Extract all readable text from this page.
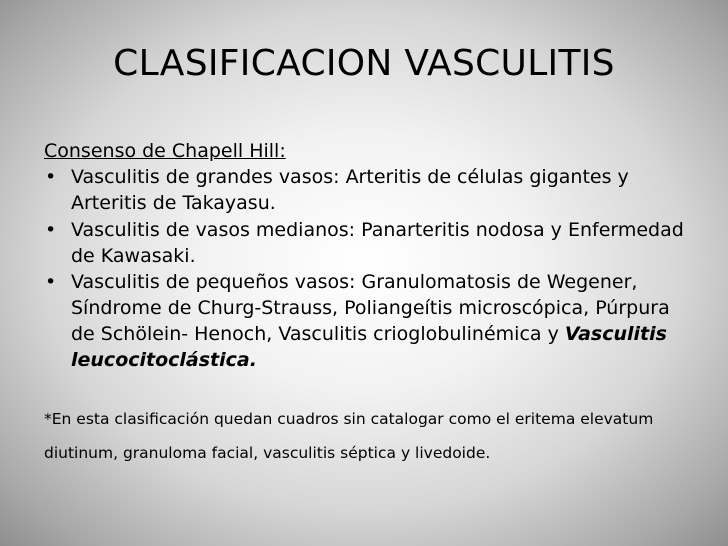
CLASIFICACION VASCULITIS

Consenso de Chapell Hill:

• Vasculitis de grandes vasos: Arteritis de células gigantes y Arteritis de Takayasu.
• Vasculitis de vasos medianos: Panarteritis nodosa y Enfermedad de Kawasaki.
• Vasculitis de pequeños vasos: Granulomatosis de Wegener, Síndrome de Churg-Strauss, Poliangeítis microscópica, Púrpura de Schölein- Henoch, Vasculitis crioglobulinémica y Vasculitis leucocitoclástica.

*En esta clasificación quedan cuadros sin catalogar como el eritema elevatum diutinum, granuloma facial, vasculitis séptica y livedoide.
